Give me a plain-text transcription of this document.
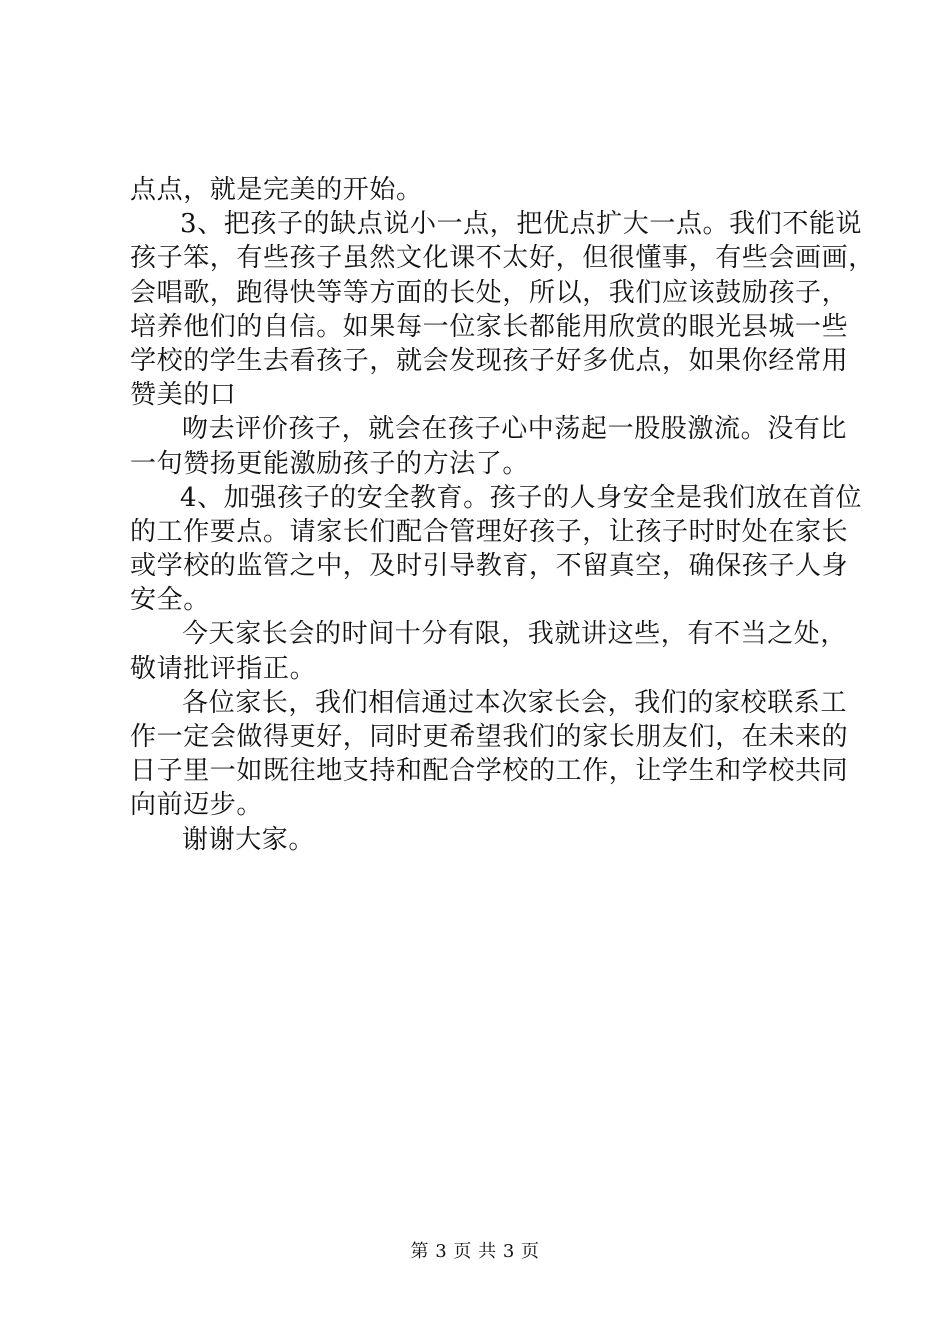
点点，就是完美的开始。
3、把孩子的缺点说小一点，把优点扩大一点。我们不能说
孩子笨，有些孩子虽然文化课不太好，但很懂事，有些会画画，
会唱歌，跑得快等等方面的长处，所以，我们应该鼓励孩子，
培养他们的自信。如果每一位家长都能用欣赏的眼光县城一些
学校的学生去看孩子，就会发现孩子好多优点，如果你经常用
赞美的口
吻去评价孩子，就会在孩子心中荡起一股股激流。没有比
一句赞扬更能激励孩子的方法了。
4、加强孩子的安全教育。孩子的人身安全是我们放在首位
的工作要点。请家长们配合管理好孩子，让孩子时时处在家长
或学校的监管之中，及时引导教育，不留真空，确保孩子人身
安全。
今天家长会的时间十分有限，我就讲这些，有不当之处，
敬请批评指正。
各位家长，我们相信通过本次家长会，我们的家校联系工
作一定会做得更好，同时更希望我们的家长朋友们，在未来的
日子里一如既往地支持和配合学校的工作，让学生和学校共同
向前迈步。
谢谢大家。
第 3 页 共 3 页
